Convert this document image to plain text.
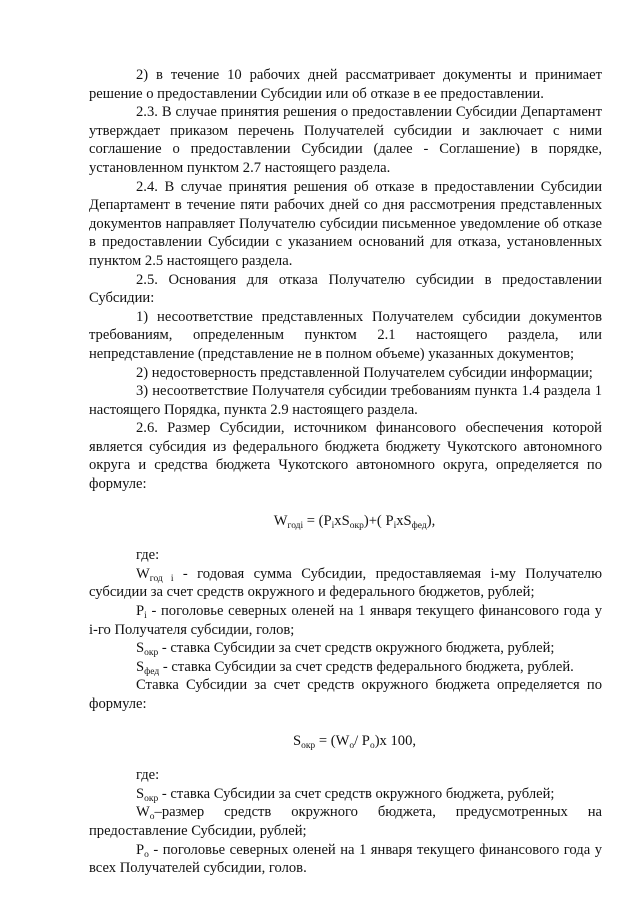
2) в течение 10 рабочих дней рассматривает документы и принимает решение о предоставлении Субсидии или об отказе в ее предоставлении.

2.3. В случае принятия решения о предоставлении Субсидии Департамент утверждает приказом перечень Получателей субсидии и заключает с ними соглашение о предоставлении Субсидии (далее - Соглашение) в порядке, установленном пунктом 2.7 настоящего раздела.

2.4. В случае принятия решения об отказе в предоставлении Субсидии Департамент в течение пяти рабочих дней со дня рассмотрения представленных документов направляет Получателю субсидии письменное уведомление об отказе в предоставлении Субсидии с указанием оснований для отказа, установленных пунктом 2.5 настоящего раздела.

2.5. Основания для отказа Получателю субсидии в предоставлении Субсидии:

1) несоответствие представленных Получателем субсидии документов требованиям, определенным пунктом 2.1 настоящего раздела, или непредставление (представление не в полном объеме) указанных документов;

2) недостоверность представленной Получателем субсидии информации;

3) несоответствие Получателя субсидии требованиям пункта 1.4 раздела 1 настоящего Порядка, пункта 2.9 настоящего раздела.

2.6. Размер Субсидии, источником финансового обеспечения которой является субсидия из федерального бюджета бюджету Чукотского автономного округа и средства бюджета Чукотского автономного округа, определяется по формуле:

$W_{годi} = (P_ixS_{окр})+$( $P_ixS_{фед}$),

где:

$W_{год i}$ - годовая сумма Субсидии, предоставляемая i-му Получателю субсидии за счет средств окружного и федерального бюджетов, рублей;

$P_i$ - поголовье северных оленей на 1 января текущего финансового года у i-го Получателя субсидии, голов;

$S_{окр}$ - ставка Субсидии за счет средств окружного бюджета, рублей;

$S_{фед}$ - ставка Субсидии за счет средств федерального бюджета, рублей.

Ставка Субсидии за счет средств окружного бюджета определяется по формуле:

$S_{окр} = (W_о/$ $P_о)x$ 100,

где:

$S_{окр}$ - ставка Субсидии за счет средств окружного бюджета, рублей;

$W_о$–размер средств окружного бюджета, предусмотренных на предоставление Субсидии, рублей;

$P_о$ - поголовье северных оленей на 1 января текущего финансового года у всех Получателей субсидии, голов.
